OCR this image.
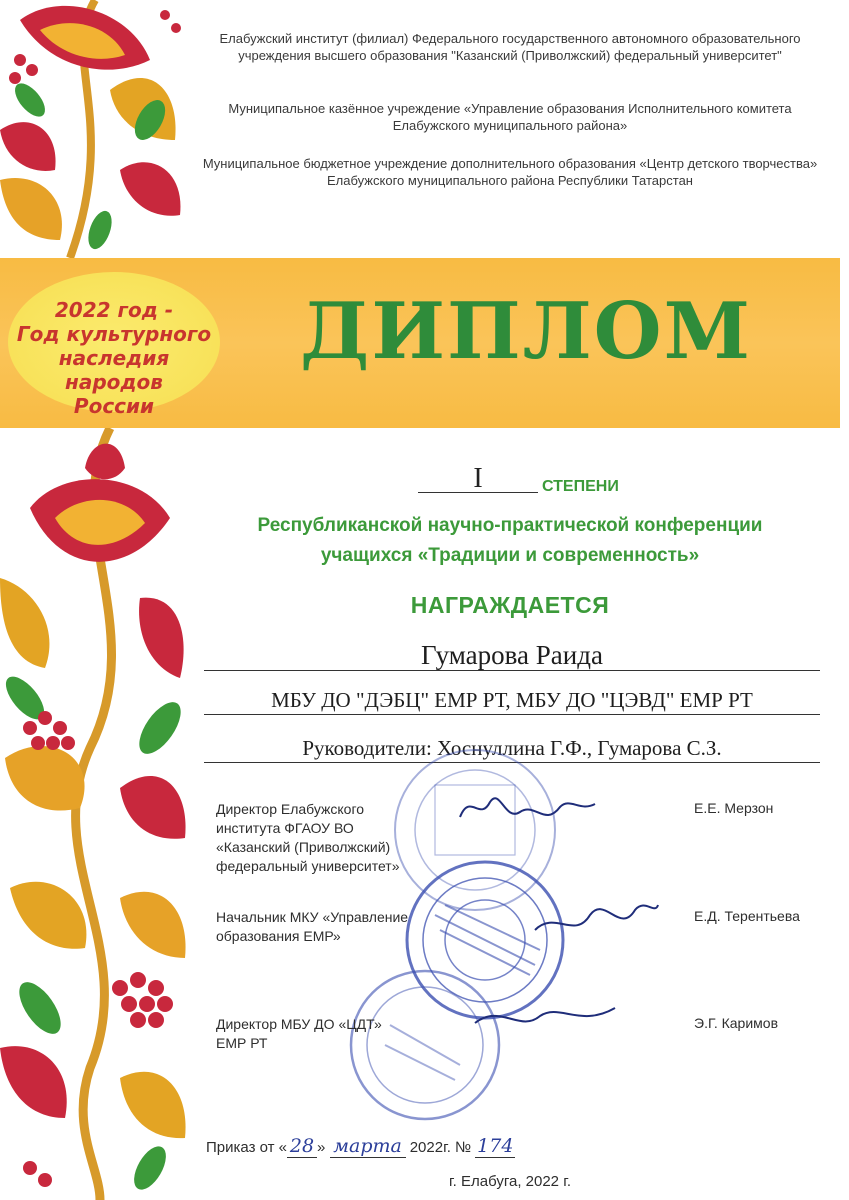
Елабужский институт (филиал) Федерального государственного автономного образовательного учреждения высшего образования "Казанский (Приволжский) федеральный университет"
Муниципальное казённое учреждение «Управление образования Исполнительного комитета Елабужского муниципального района»
Муниципальное бюджетное учреждение дополнительного образования «Центр детского творчества» Елабужского муниципального района Республики Татарстан
2022 год -
Год культурного
наследия народов
России
ДИПЛОМ
I	СТЕПЕНИ
Республиканской научно-практической конференции
учащихся «Традиции и современность»
НАГРАЖДАЕТСЯ
Гумарова Раида
МБУ ДО "ДЭБЦ" ЕМР РТ, МБУ ДО "ЦЭВД" ЕМР РТ
Руководители: Хоснуллина Г.Ф., Гумарова С.З.
Директор Елабужского
института ФГАОУ ВО
«Казанский (Приволжский)
федеральный университет»
Е.Е. Мерзон
Начальник МКУ «Управление
образования ЕМР»
Е.Д. Терентьева
Директор МБУ ДО «ЦДТ»
ЕМР РТ
Э.Г. Каримов
Приказ от « 28 » марта 2022г. № 174
г. Елабуга, 2022 г.
